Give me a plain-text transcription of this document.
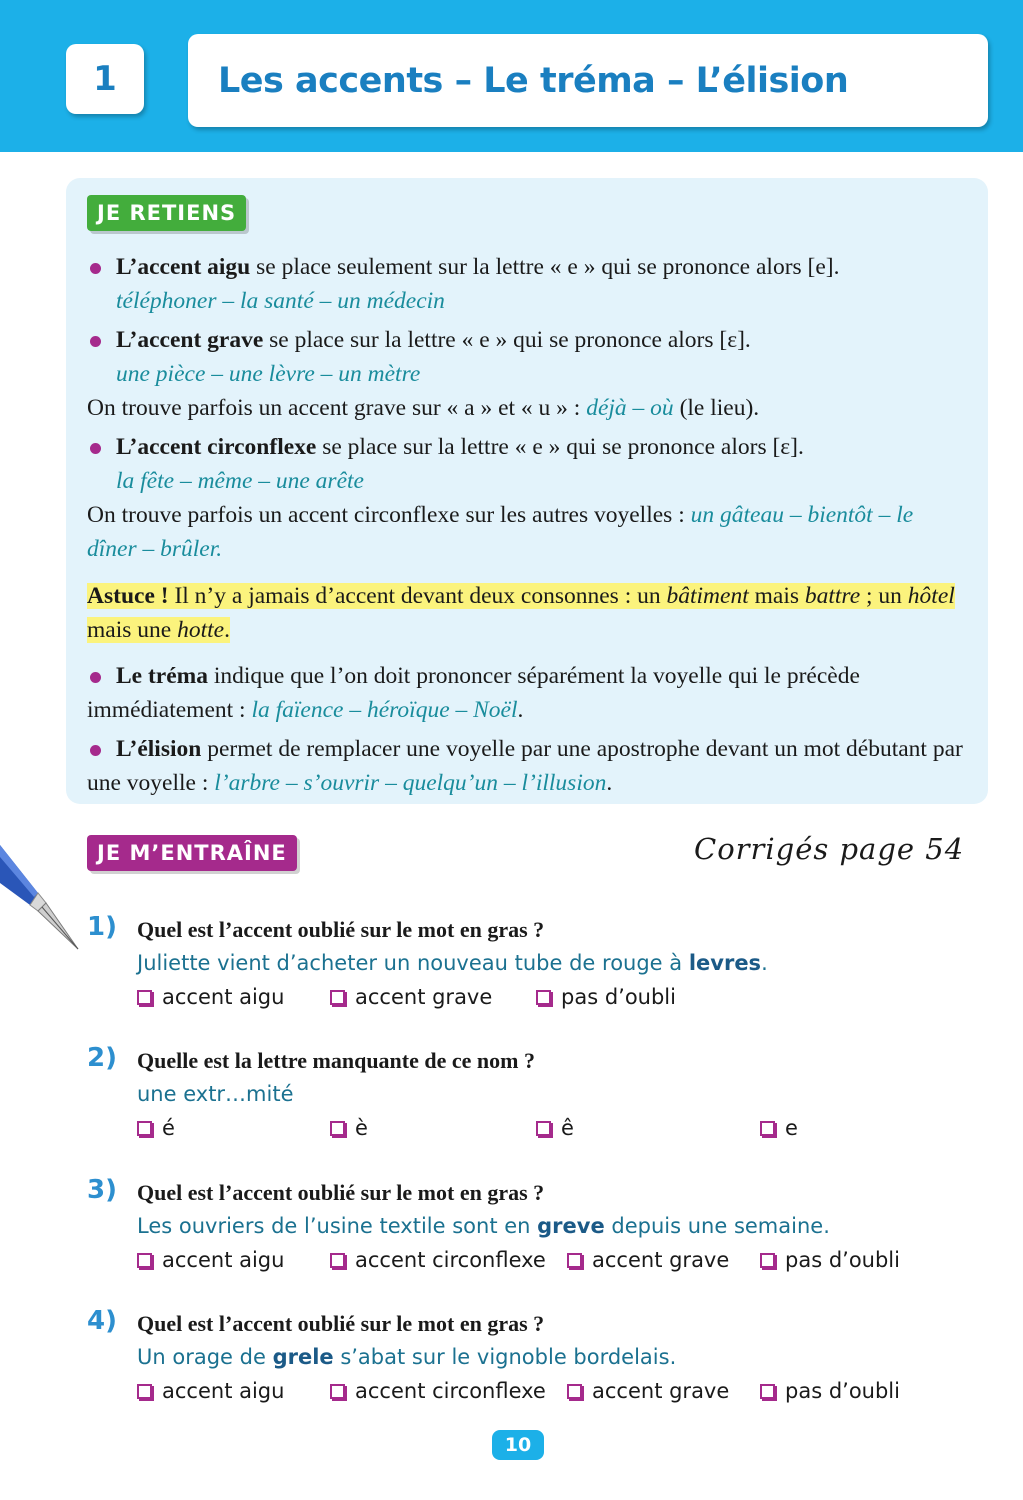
1	Les accents – Le tréma – L’élision
JE RETIENS
L’accent aigu se place seulement sur la lettre « e » qui se prononce alors [e].
téléphoner – la santé – un médecin
L’accent grave se place sur la lettre « e » qui se prononce alors [ɛ].
une pièce – une lèvre – un mètre
On trouve parfois un accent grave sur « a » et « u » : déjà – où (le lieu).
L’accent circonflexe se place sur la lettre « e » qui se prononce alors [ɛ].
la fête – même – une arête
On trouve parfois un accent circonflexe sur les autres voyelles : un gâteau – bientôt – le dîner – brûler.
Astuce ! Il n’y a jamais d’accent devant deux consonnes : un bâtiment mais battre ; un hôtel mais une hotte.
Le tréma indique que l’on doit prononcer séparément la voyelle qui le précède immédiatement : la faïence – héroïque – Noël.
L’élision permet de remplacer une voyelle par une apostrophe devant un mot débutant par une voyelle : l’arbre – s’ouvrir – quelqu’un – l’illusion.
JE M’ENTRAÎNE	Corrigés page 54
1) Quel est l’accent oublié sur le mot en gras ?
Juliette vient d’acheter un nouveau tube de rouge à levres.
accent aigu	accent grave	pas d’oubli
2) Quelle est la lettre manquante de ce nom ?
une extr…mité
é	è	ê	e
3) Quel est l’accent oublié sur le mot en gras ?
Les ouvriers de l’usine textile sont en greve depuis une semaine.
accent aigu	accent circonflexe	accent grave	pas d’oubli
4) Quel est l’accent oublié sur le mot en gras ?
Un orage de grele s’abat sur le vignoble bordelais.
accent aigu	accent circonflexe	accent grave	pas d’oubli
10
